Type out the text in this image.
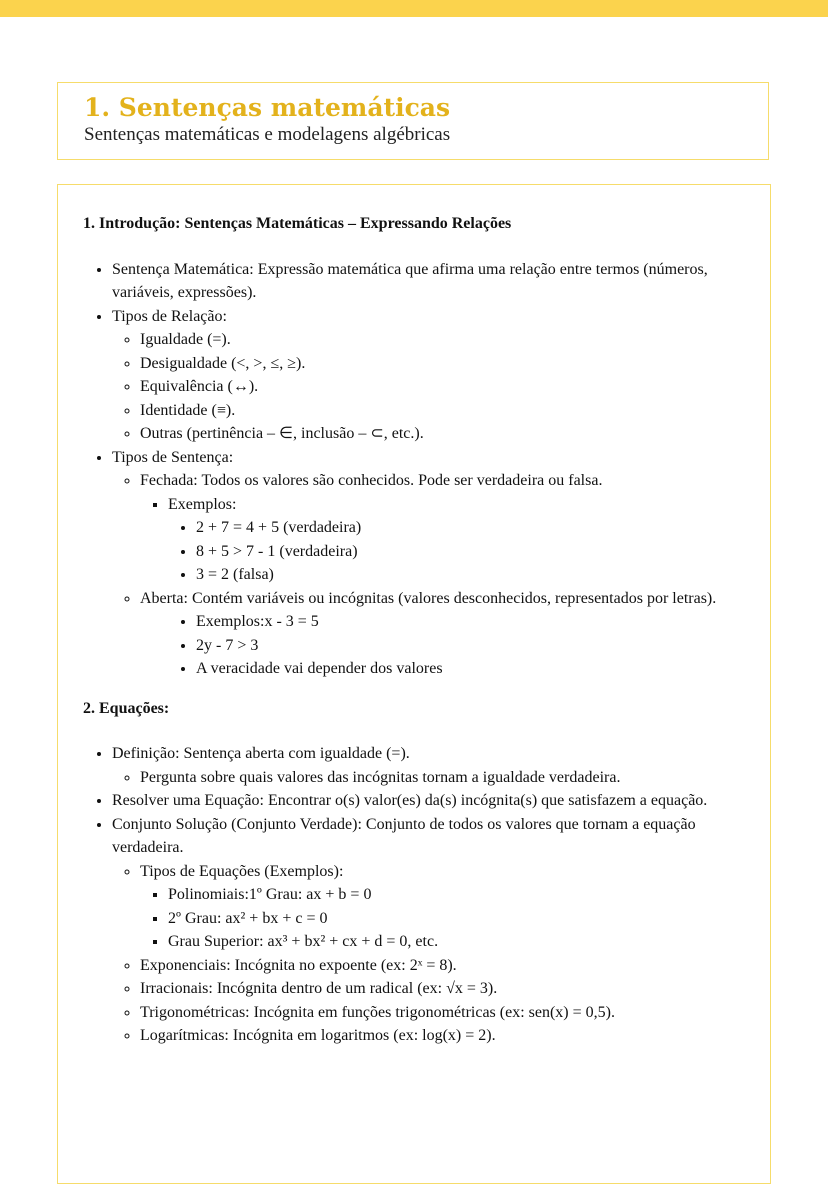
1. Sentenças matemáticas
Sentenças matemáticas e modelagens algébricas

1. Introdução: Sentenças Matemáticas – Expressando Relações

• Sentença Matemática: Expressão matemática que afirma uma relação entre termos (números, variáveis, expressões).
• Tipos de Relação:
◦ Igualdade (=).
◦ Desigualdade (<, >, ≤, ≥).
◦ Equivalência (↔).
◦ Identidade (≡).
◦ Outras (pertinência – ∈, inclusão – ⊂, etc.).
• Tipos de Sentença:
◦ Fechada: Todos os valores são conhecidos. Pode ser verdadeira ou falsa.
▪ Exemplos:
• 2 + 7 = 4 + 5 (verdadeira)
• 8 + 5 > 7 - 1 (verdadeira)
• 3 = 2 (falsa)
◦ Aberta: Contém variáveis ou incógnitas (valores desconhecidos, representados por letras).
• Exemplos:x - 3 = 5
• 2y - 7 > 3
• A veracidade vai depender dos valores

2. Equações:

• Definição: Sentença aberta com igualdade (=).
◦ Pergunta sobre quais valores das incógnitas tornam a igualdade verdadeira.
• Resolver uma Equação: Encontrar o(s) valor(es) da(s) incógnita(s) que satisfazem a equação.
• Conjunto Solução (Conjunto Verdade): Conjunto de todos os valores que tornam a equação verdadeira.
◦ Tipos de Equações (Exemplos):
▪ Polinomiais:1º Grau: ax + b = 0
▪ 2º Grau: ax² + bx + c = 0
▪ Grau Superior: ax³ + bx² + cx + d = 0, etc.
◦ Exponenciais: Incógnita no expoente (ex: 2ˣ = 8).
◦ Irracionais: Incógnita dentro de um radical (ex: √x = 3).
◦ Trigonométricas: Incógnita em funções trigonométricas (ex: sen(x) = 0,5).
◦ Logarítmicas: Incógnita em logaritmos (ex: log(x) = 2).
